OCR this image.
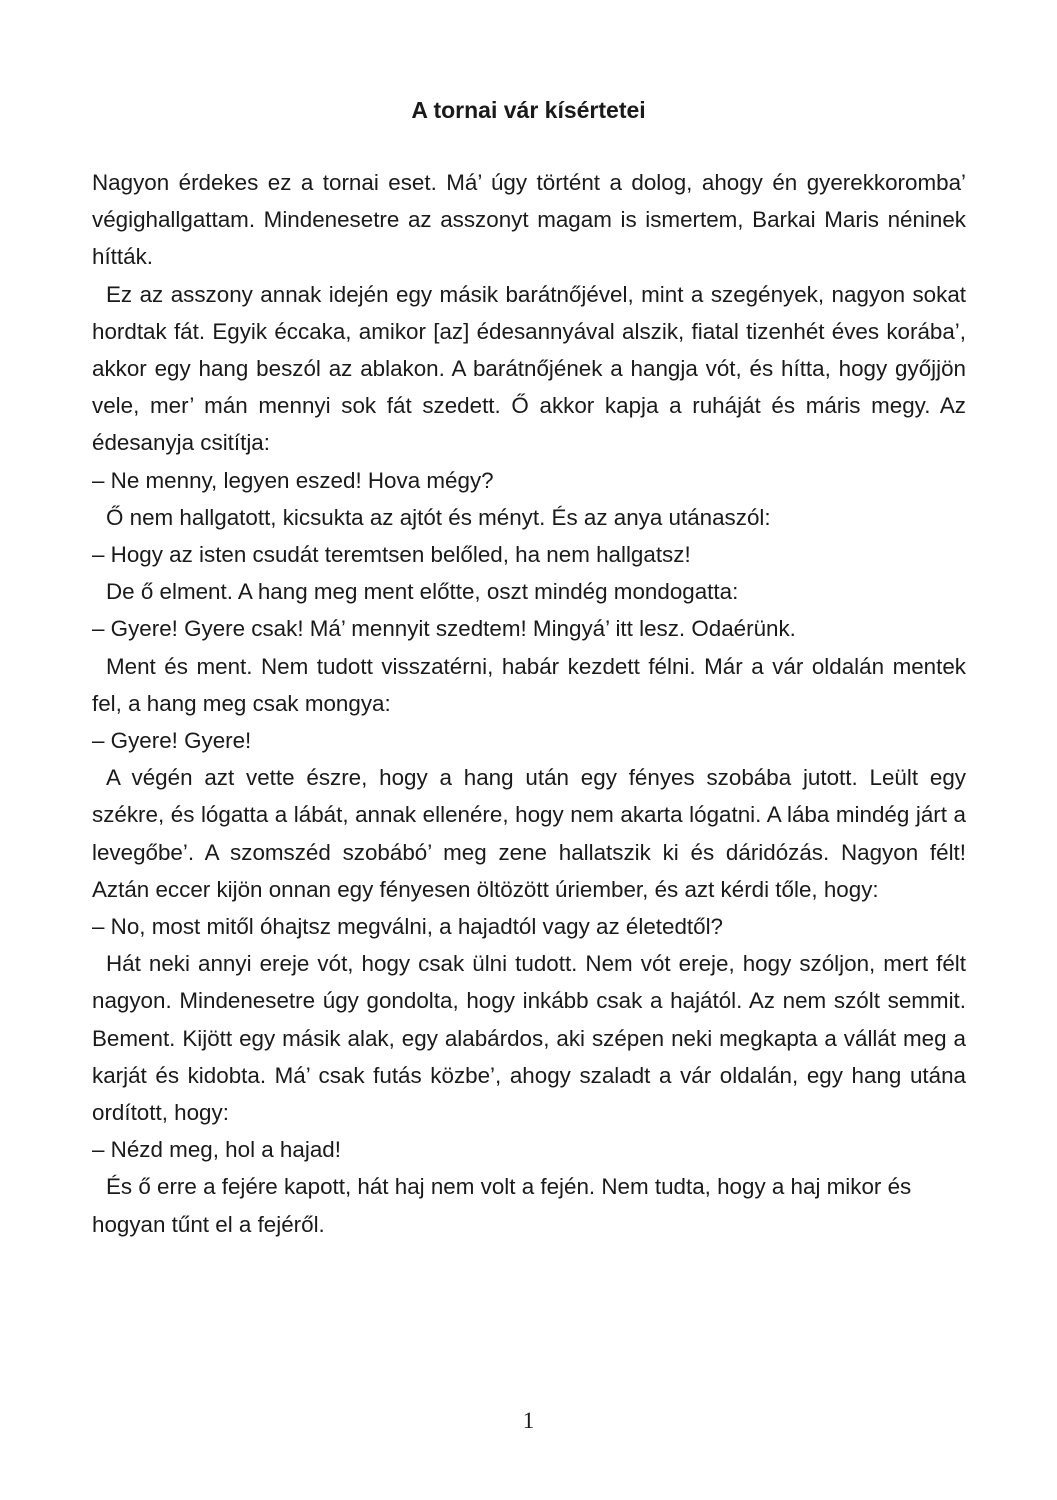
A tornai vár kísértetei

Nagyon érdekes ez a tornai eset. Má’ úgy történt a dolog, ahogy én gyerekkoromba’ végighallgattam. Mindenesetre az asszonyt magam is ismertem, Barkai Maris néninek hítták.

Ez az asszony annak idején egy másik barátnőjével, mint a szegények, nagyon sokat hordtak fát. Egyik éccaka, amikor [az] édesannyával alszik, fiatal tizenhét éves korába’, akkor egy hang beszól az ablakon. A barátnőjének a hangja vót, és hítta, hogy győjjön vele, mer’ mán mennyi sok fát szedett. Ő akkor kapja a ruháját és máris megy. Az édesanyja csitítja:

– Ne menny, legyen eszed! Hova mégy?

Ő nem hallgatott, kicsukta az ajtót és ményt. És az anya utánaszól:

– Hogy az isten csudát teremtsen belőled, ha nem hallgatsz!

De ő elment. A hang meg ment előtte, oszt mindég mondogatta:

– Gyere! Gyere csak! Má’ mennyit szedtem! Mingyá’ itt lesz. Odaérünk.

Ment és ment. Nem tudott visszatérni, habár kezdett félni. Már a vár oldalán mentek fel, a hang meg csak mongya:

– Gyere! Gyere!

A végén azt vette észre, hogy a hang után egy fényes szobába jutott. Leült egy székre, és lógatta a lábát, annak ellenére, hogy nem akarta lógatni. A lába mindég járt a levegőbe’. A szomszéd szobábó’ meg zene hallatszik ki és dáridózás. Nagyon félt! Aztán eccer kijön onnan egy fényesen öltözött úriember, és azt kérdi tőle, hogy:

– No, most mitől óhajtsz megválni, a hajadtól vagy az életedtől?

Hát neki annyi ereje vót, hogy csak ülni tudott. Nem vót ereje, hogy szóljon, mert félt nagyon. Mindenesetre úgy gondolta, hogy inkább csak a hajától. Az nem szólt semmit. Bement. Kijött egy másik alak, egy alabárdos, aki szépen neki megkapta a vállát meg a karját és kidobta. Má’ csak futás közbe’, ahogy szaladt a vár oldalán, egy hang utána ordított, hogy:

– Nézd meg, hol a hajad!

És ő erre a fejére kapott, hát haj nem volt a fején. Nem tudta, hogy a haj mikor és hogyan tűnt el a fejéről.

1
